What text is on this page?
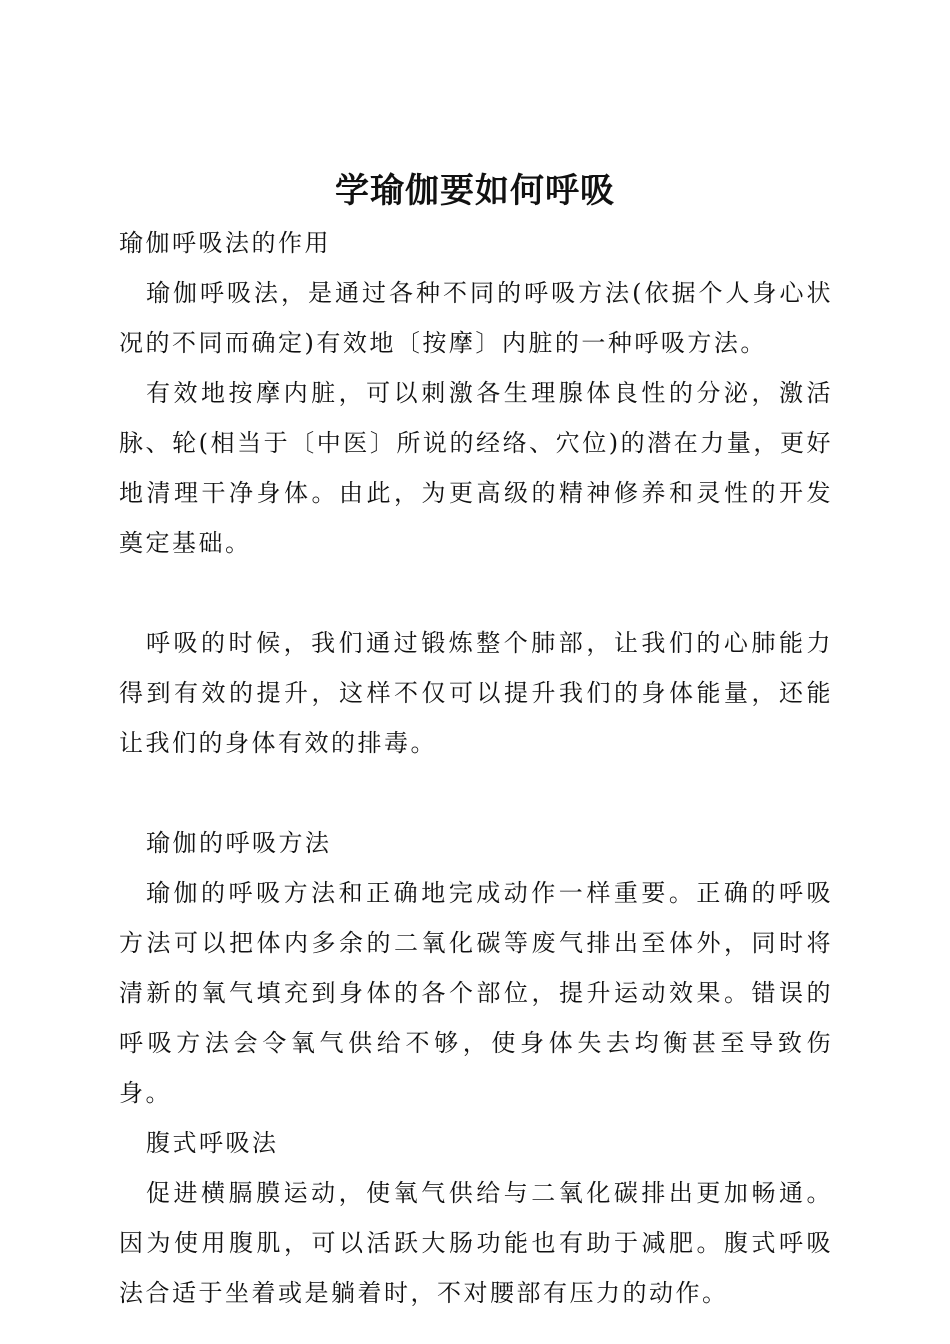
学瑜伽要如何呼吸

瑜伽呼吸法的作用

瑜伽呼吸法，是通过各种不同的呼吸方法(依据个人身心状况的不同而确定)有效地〔按摩〕内脏的一种呼吸方法。

有效地按摩内脏，可以刺激各生理腺体良性的分泌，激活脉、轮(相当于〔中医〕所说的经络、穴位)的潜在力量，更好地清理干净身体。由此，为更高级的精神修养和灵性的开发奠定基础。

呼吸的时候，我们通过锻炼整个肺部，让我们的心肺能力得到有效的提升，这样不仅可以提升我们的身体能量，还能让我们的身体有效的排毒。

瑜伽的呼吸方法

瑜伽的呼吸方法和正确地完成动作一样重要。正确的呼吸方法可以把体内多余的二氧化碳等废气排出至体外，同时将清新的氧气填充到身体的各个部位，提升运动效果。错误的呼吸方法会令氧气供给不够，使身体失去均衡甚至导致伤身。

腹式呼吸法

促进横膈膜运动，使氧气供给与二氧化碳排出更加畅通。因为使用腹肌，可以活跃大肠功能也有助于减肥。腹式呼吸法合适于坐着或是躺着时，不对腰部有压力的动作。
